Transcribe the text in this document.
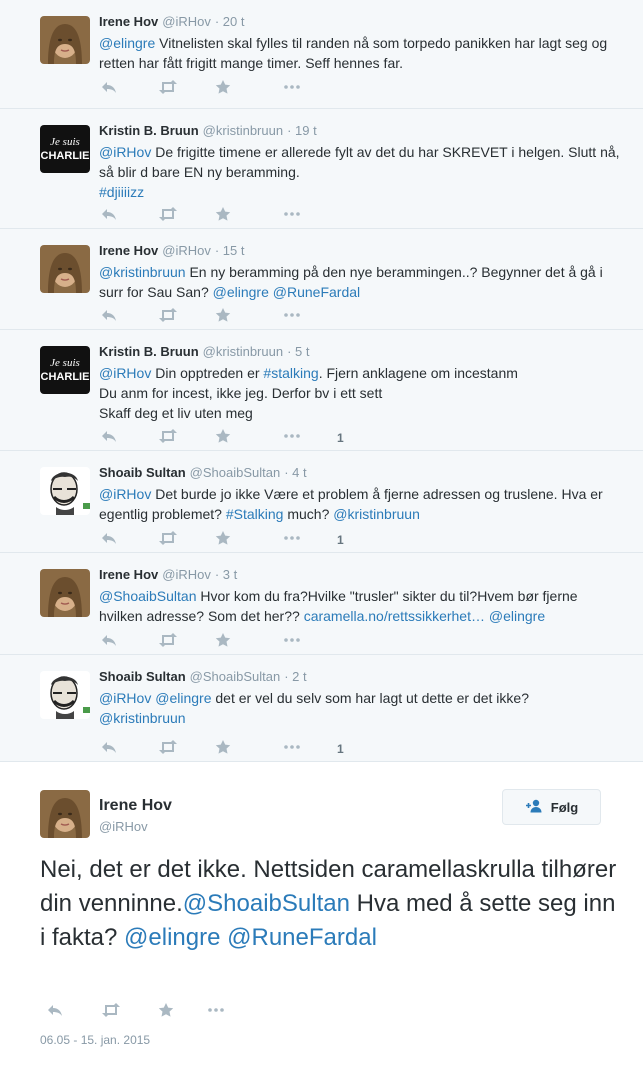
Irene Hov @iRHov · 20 t
@elingre Vitnelisten skal fylles til randen nå som torpedo panikken har lagt seg og retten har fått frigitt mange timer. Seff hennes far.
Je suis
CHARLIE
Kristin B. Bruun @kristinbruun · 19 t
@iRHov De frigitte timene er allerede fylt av det du har SKREVET i helgen. Slutt nå, så blir d bare EN ny beramming.
#djiiiizz
Irene Hov @iRHov · 15 t
@kristinbruun En ny beramming på den nye berammingen..? Begynner det å gå i surr for Sau San? @elingre @RuneFardal
Je suis
CHARLIE
Kristin B. Bruun @kristinbruun · 5 t
@iRHov Din opptreden er #stalking. Fjern anklagene om incestanm
Du anm for incest, ikke jeg. Derfor bv i ett sett
Skaff deg et liv uten meg
1
Shoaib Sultan @ShoaibSultan · 4 t
@iRHov Det burde jo ikke Være et problem å fjerne adressen og truslene. Hva er egentlig problemet? #Stalking much? @kristinbruun
1
Irene Hov @iRHov · 3 t
@ShoaibSultan Hvor kom du fra?Hvilke "trusler" sikter du til?Hvem bør fjerne hvilken adresse? Som det her?? caramella.no/rettssikkerhet… @elingre
Shoaib Sultan @ShoaibSultan · 2 t
@iRHov @elingre det er vel du selv som har lagt ut dette er det ikke?
@kristinbruun
1
Irene Hov
@iRHov
Følg
Nei, det er det ikke. Nettsiden caramellaskrulla tilhører din venninne.@ShoaibSultan Hva med å sette seg inn i fakta? @elingre @RuneFardal
06.05 - 15. jan. 2015
